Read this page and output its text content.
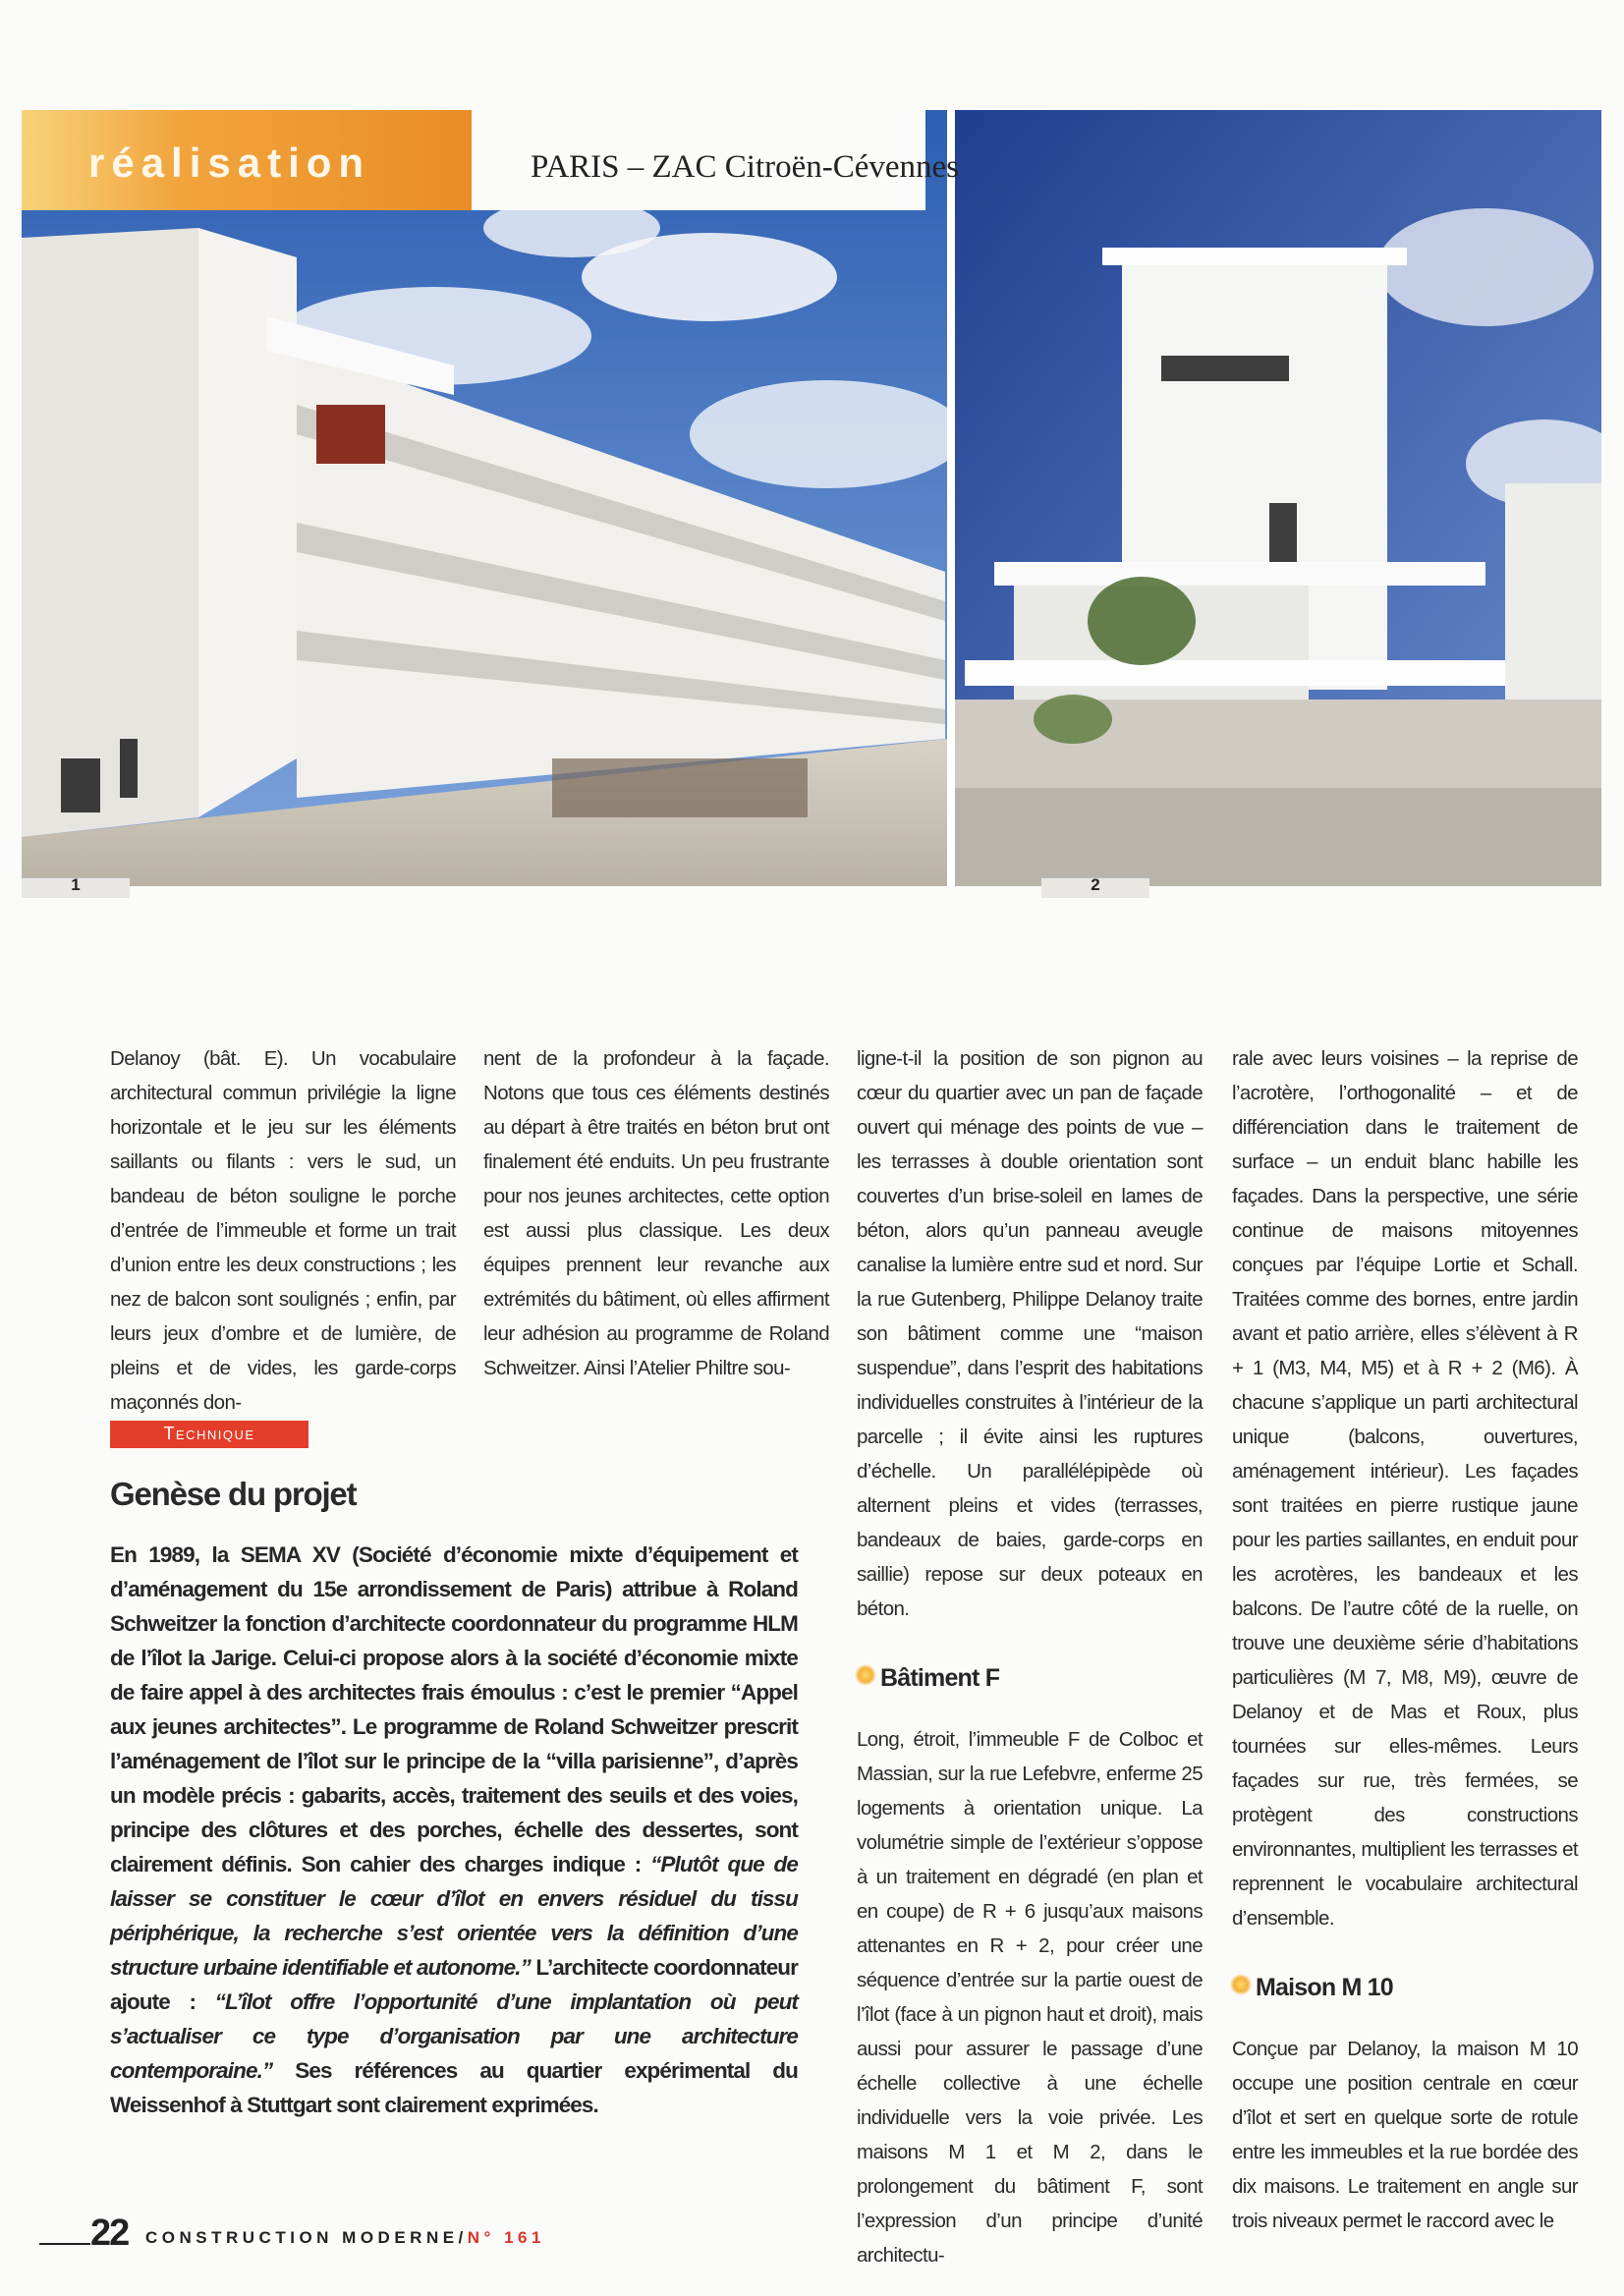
réalisation	PARIS – ZAC Citroën-Cévennes
1	2

Delanoy (bât. E). Un vocabulaire architectural commun privilégie la ligne horizontale et le jeu sur les éléments saillants ou filants : vers le sud, un bandeau de béton souligne le porche d’entrée de l’immeuble et forme un trait d’union entre les deux constructions ; les nez de balcon sont soulignés ; enfin, par leurs jeux d’ombre et de lumière, de pleins et de vides, les garde-corps maçonnés don-

nent de la profondeur à la façade. Notons que tous ces éléments destinés au départ à être traités en béton brut ont finalement été enduits. Un peu frustrante pour nos jeunes architectes, cette option est aussi plus classique. Les deux équipes prennent leur revanche aux extrémités du bâtiment, où elles affirment leur adhésion au programme de Roland Schweitzer. Ainsi l’Atelier Philtre sou-

ligne-t-il la position de son pignon au cœur du quartier avec un pan de façade ouvert qui ménage des points de vue – les terrasses à double orientation sont couvertes d’un brise-soleil en lames de béton, alors qu’un panneau aveugle canalise la lumière entre sud et nord. Sur la rue Gutenberg, Philippe Delanoy traite son bâtiment comme une “maison suspendue”, dans l’esprit des habitations individuelles construites à l’intérieur de la parcelle ; il évite ainsi les ruptures d’échelle. Un parallélépipède où alternent pleins et vides (terrasses, bandeaux de baies, garde-corps en saillie) repose sur deux poteaux en béton.

Bâtiment F

Long, étroit, l’immeuble F de Colboc et Massian, sur la rue Lefebvre, enferme 25 logements à orientation unique. La volumétrie simple de l’extérieur s’oppose à un traitement en dégradé (en plan et en coupe) de R + 6 jusqu’aux maisons attenantes en R + 2, pour créer une séquence d’entrée sur la partie ouest de l’îlot (face à un pignon haut et droit), mais aussi pour assurer le passage d’une échelle collective à une échelle individuelle vers la voie privée. Les maisons M 1 et M 2, dans le prolongement du bâtiment F, sont l’expression d’un principe d’unité architectu-

rale avec leurs voisines – la reprise de l’acrotère, l’orthogonalité – et de différenciation dans le traitement de surface – un enduit blanc habille les façades. Dans la perspective, une série continue de maisons mitoyennes conçues par l’équipe Lortie et Schall. Traitées comme des bornes, entre jardin avant et patio arrière, elles s’élèvent à R + 1 (M3, M4, M5) et à R + 2 (M6). À chacune s’applique un parti architectural unique (balcons, ouvertures, aménagement intérieur). Les façades sont traitées en pierre rustique jaune pour les parties saillantes, en enduit pour les acrotères, les bandeaux et les balcons. De l’autre côté de la ruelle, on trouve une deuxième série d’habitations particulières (M 7, M8, M9), œuvre de Delanoy et de Mas et Roux, plus tournées sur elles-mêmes. Leurs façades sur rue, très fermées, se protègent des constructions environnantes, multiplient les terrasses et reprennent le vocabulaire architectural d’ensemble.

Maison M 10

Conçue par Delanoy, la maison M 10 occupe une position centrale en cœur d’îlot et sert en quelque sorte de rotule entre les immeubles et la rue bordée des dix maisons. Le traitement en angle sur trois niveaux permet le raccord avec le

Technique
Genèse du projet
En 1989, la SEMA XV (Société d’économie mixte d’équipement et d’aménagement du 15e arrondissement de Paris) attribue à Roland Schweitzer la fonction d’architecte coordonnateur du programme HLM de l’îlot la Jarige. Celui-ci propose alors à la société d’économie mixte de faire appel à des architectes frais émoulus : c’est le premier “Appel aux jeunes architectes”. Le programme de Roland Schweitzer prescrit l’aménagement de l’îlot sur le principe de la “villa parisienne”, d’après un modèle précis : gabarits, accès, traitement des seuils et des voies, principe des clôtures et des porches, échelle des dessertes, sont clairement définis. Son cahier des charges indique : “Plutôt que de laisser se constituer le cœur d’îlot en envers résiduel du tissu périphérique, la recherche s’est orientée vers la définition d’une structure urbaine identifiable et autonome.” L’architecte coordonnateur ajoute : “L’îlot offre l’opportunité d’une implantation où peut s’actualiser ce type d’organisation par une architecture contemporaine.” Ses références au quartier expérimental du Weissenhof à Stuttgart sont clairement exprimées.
22 CONSTRUCTION MODERNE/N° 161
